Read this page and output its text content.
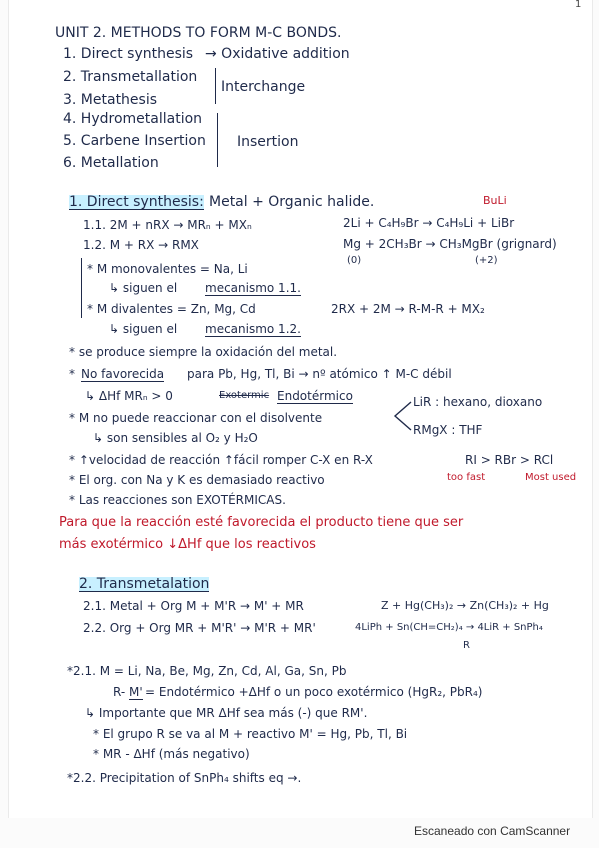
1
UNIT 2. METHODS TO FORM M-C BONDS.
1. Direct synthesis → Oxidative addition
2. Transmetallation
3. Metathesis
Interchange
4. Hydrometallation
5. Carbene Insertion
6. Metallation
Insertion
1. Direct synthesis: Metal + Organic halide.	BuLi
1.1. 2M + nRX → MRₙ + MXₙ	2Li + C₄H₉Br → C₄H₉Li + LiBr
1.2. M + RX → RMX	Mg + 2CH₃Br → CH₃MgBr (grignard)
(0)	(+2)
* M monovalentes = Na, Li
↳ siguen el mecanismo 1.1.
* M divalentes = Zn, Mg, Cd	2RX + 2M → R-M-R + MX₂
↳ siguen el mecanismo 1.2.
* se produce siempre la oxidación del metal.
* No favorecida para Pb, Hg, Tl, Bi → nº atómico ↑ M-C débil
↳ ΔHf MRₙ > 0	Exotermic Endotérmico
* M no puede reaccionar con el disolvente
LiR : hexano, dioxano
RMgX : THF
↳ son sensibles al O₂ y H₂O
* ↑velocidad de reacción ↑fácil romper C-X en R-X	RI > RBr > RCl
too fast	Most used
* El org. con Na y K es demasiado reactivo
* Las reacciones son EXOTÉRMICAS.
Para que la reacción esté favorecida el producto tiene que ser
más exotérmico ↓ΔHf que los reactivos
2. Transmetalation
2.1. Metal + Org M + M'R → M' + MR	Z + Hg(CH₃)₂ → Zn(CH₃)₂ + Hg
2.2. Org + Org MR + M'R' → M'R + MR'	4LiPh + Sn(CH=CH₂)₄ → 4LiR + SnPh₄
R
*2.1. M = Li, Na, Be, Mg, Zn, Cd, Al, Ga, Sn, Pb
R- M' = Endotérmico +ΔHf o un poco exotérmico (HgR₂, PbR₄)
↳ Importante que MR ΔHf sea más (-) que RM'.
* El grupo R se va al M + reactivo M' = Hg, Pb, Tl, Bi
* MR - ΔHf (más negativo)
*2.2. Precipitation of SnPh₄ shifts eq →.
Escaneado con CamScanner
